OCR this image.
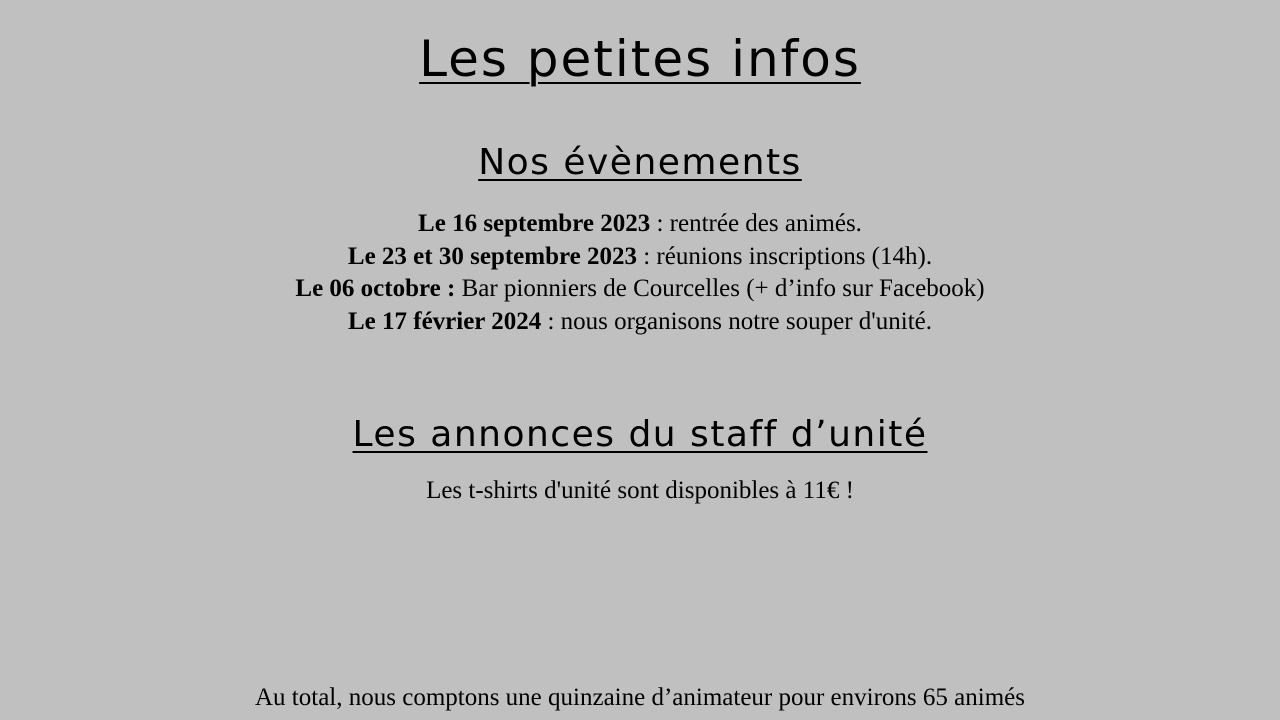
Les petites infos
Nos évènements
Le 16 septembre 2023 : rentrée des animés.
Le 23 et 30 septembre 2023 : réunions inscriptions (14h).
Le 06 octobre : Bar pionniers de Courcelles (+ d’info sur Facebook)
Le 17 février 2024 : nous organisons notre souper d'unité.
Les annonces du staff d’unité

Les t-shirts d'unité sont disponibles à 11€ !

Au total, nous comptons une quinzaine d’animateur pour environs 65 animés
